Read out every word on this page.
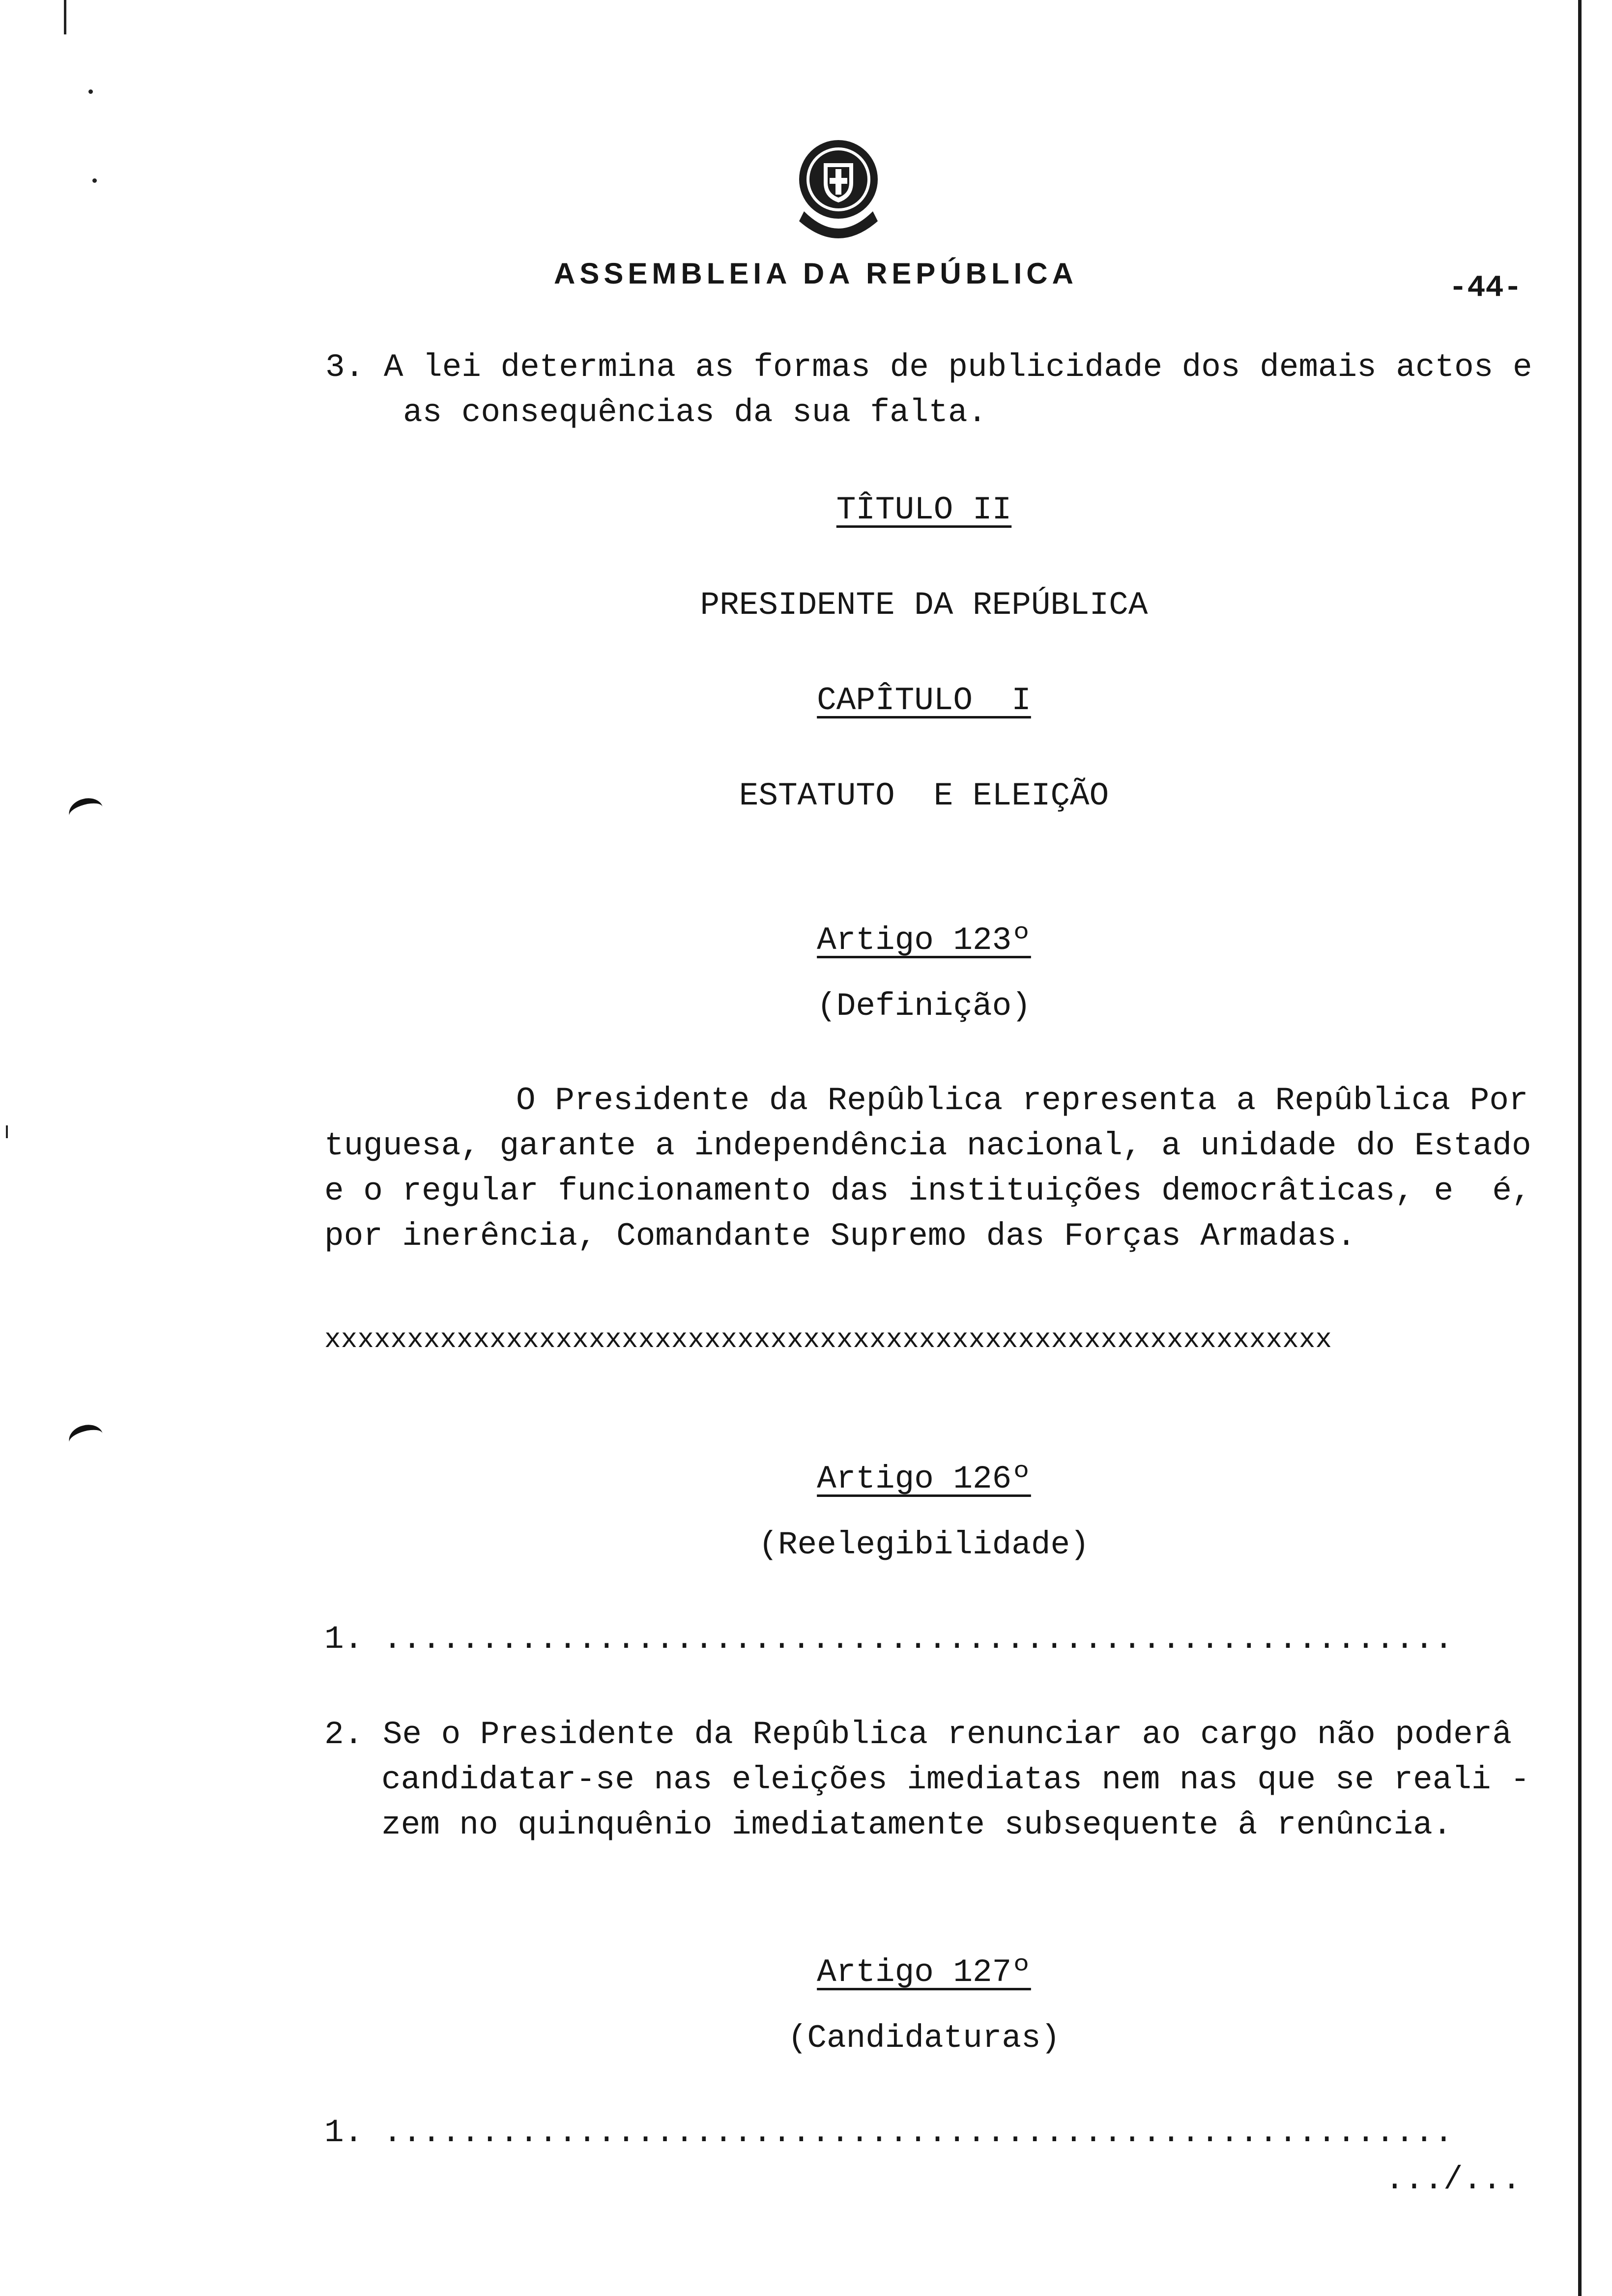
ASSEMBLEIA DA REPÚBLICA	-44-
3. A lei determina as formas de publicidade dos demais actos e
as consequências da sua falta.
TÎTULO II
PRESIDENTE DA REPÚBLICA
CAPÎTULO  I
ESTATUTO  E ELEIÇÃO
Artigo 123º
(Definição)
O Presidente da Repûblica representa a Repûblica Por
tuguesa, garante a independência nacional, a unidade do Estado
e o regular funcionamento das instituições democrâticas, e  é,
por inerência, Comandante Supremo das Forças Armadas.
xxxxxxxxxxxxxxxxxxxxxxxxxxxxxxxxxxxxxxxxxxxxxxxxxxxxxxxxxxxxx
Artigo 126º
(Reelegibilidade)
1. .......................................................
2. Se o Presidente da Repûblica renunciar ao cargo não poderâ
candidatar-se nas eleições imediatas nem nas que se reali -
zem no quinquênio imediatamente subsequente â renûncia.
Artigo 127º
(Candidaturas)
1. .......................................................
.../...
